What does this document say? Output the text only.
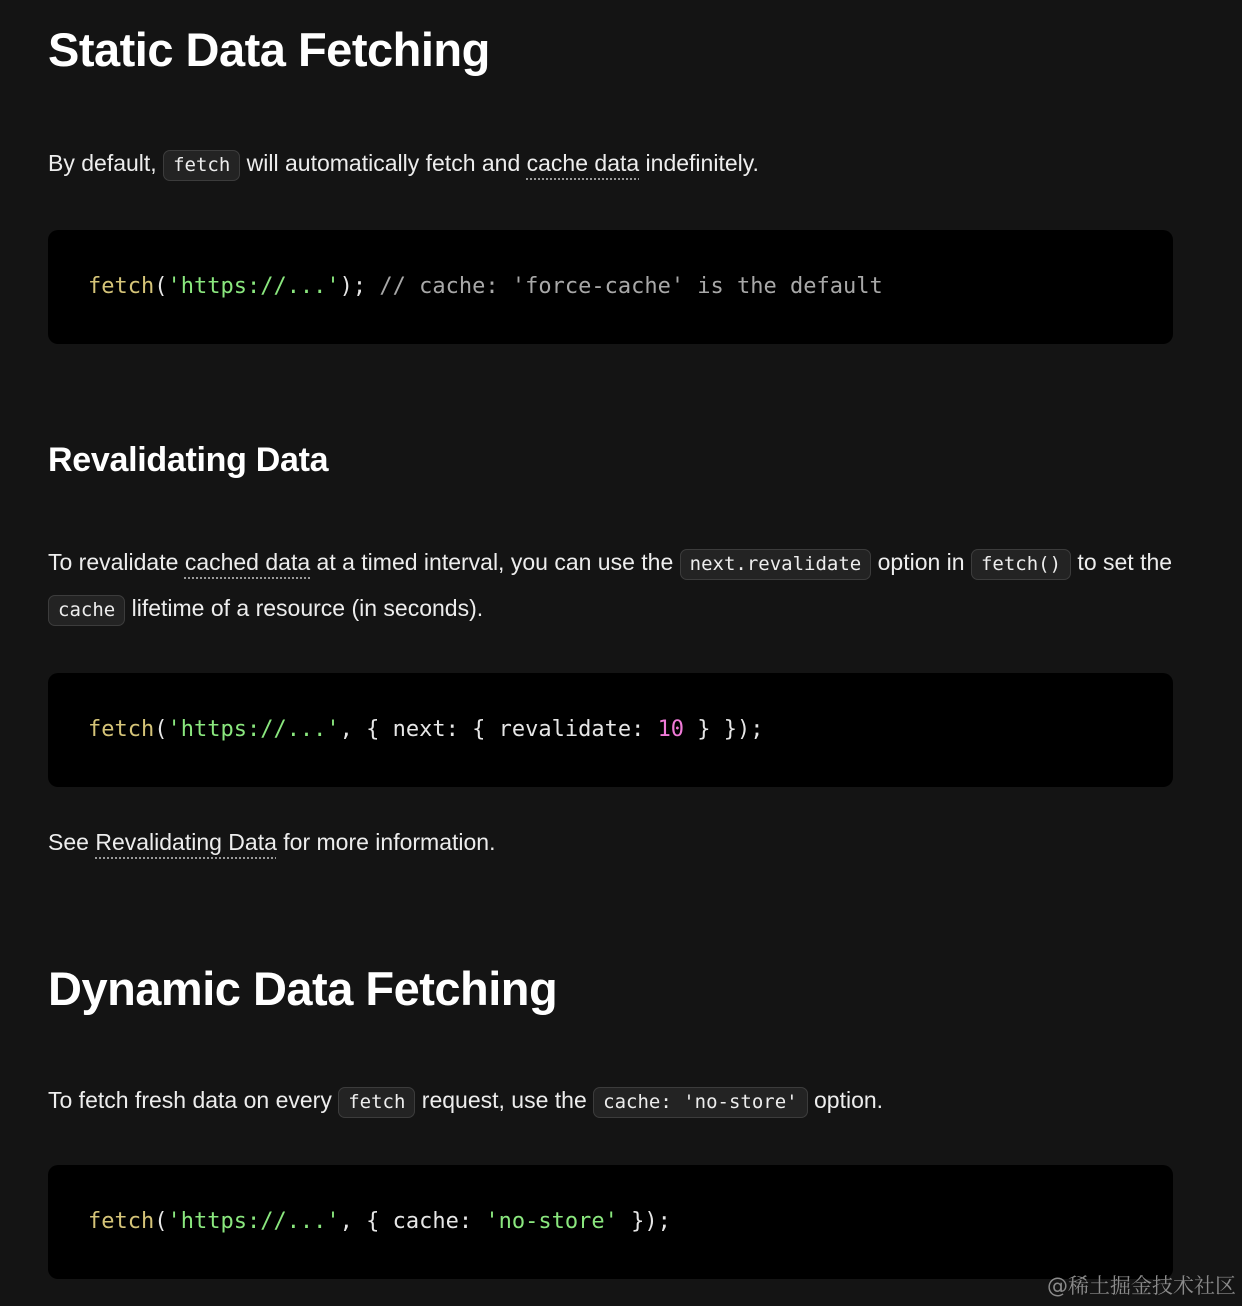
Static Data Fetching

By default, fetch will automatically fetch and cache data indefinitely.

fetch('https://...'); // cache: 'force-cache' is the default
Revalidating Data

To revalidate cached data at a timed interval, you can use the next.revalidate option in fetch() to set the cache lifetime of a resource (in seconds).

fetch('https://...', { next: { revalidate: 10 } });

See Revalidating Data for more information.

Dynamic Data Fetching

To fetch fresh data on every fetch request, use the cache: 'no-store' option.

fetch('https://...', { cache: 'no-store' });
@稀土掘金技术社区
